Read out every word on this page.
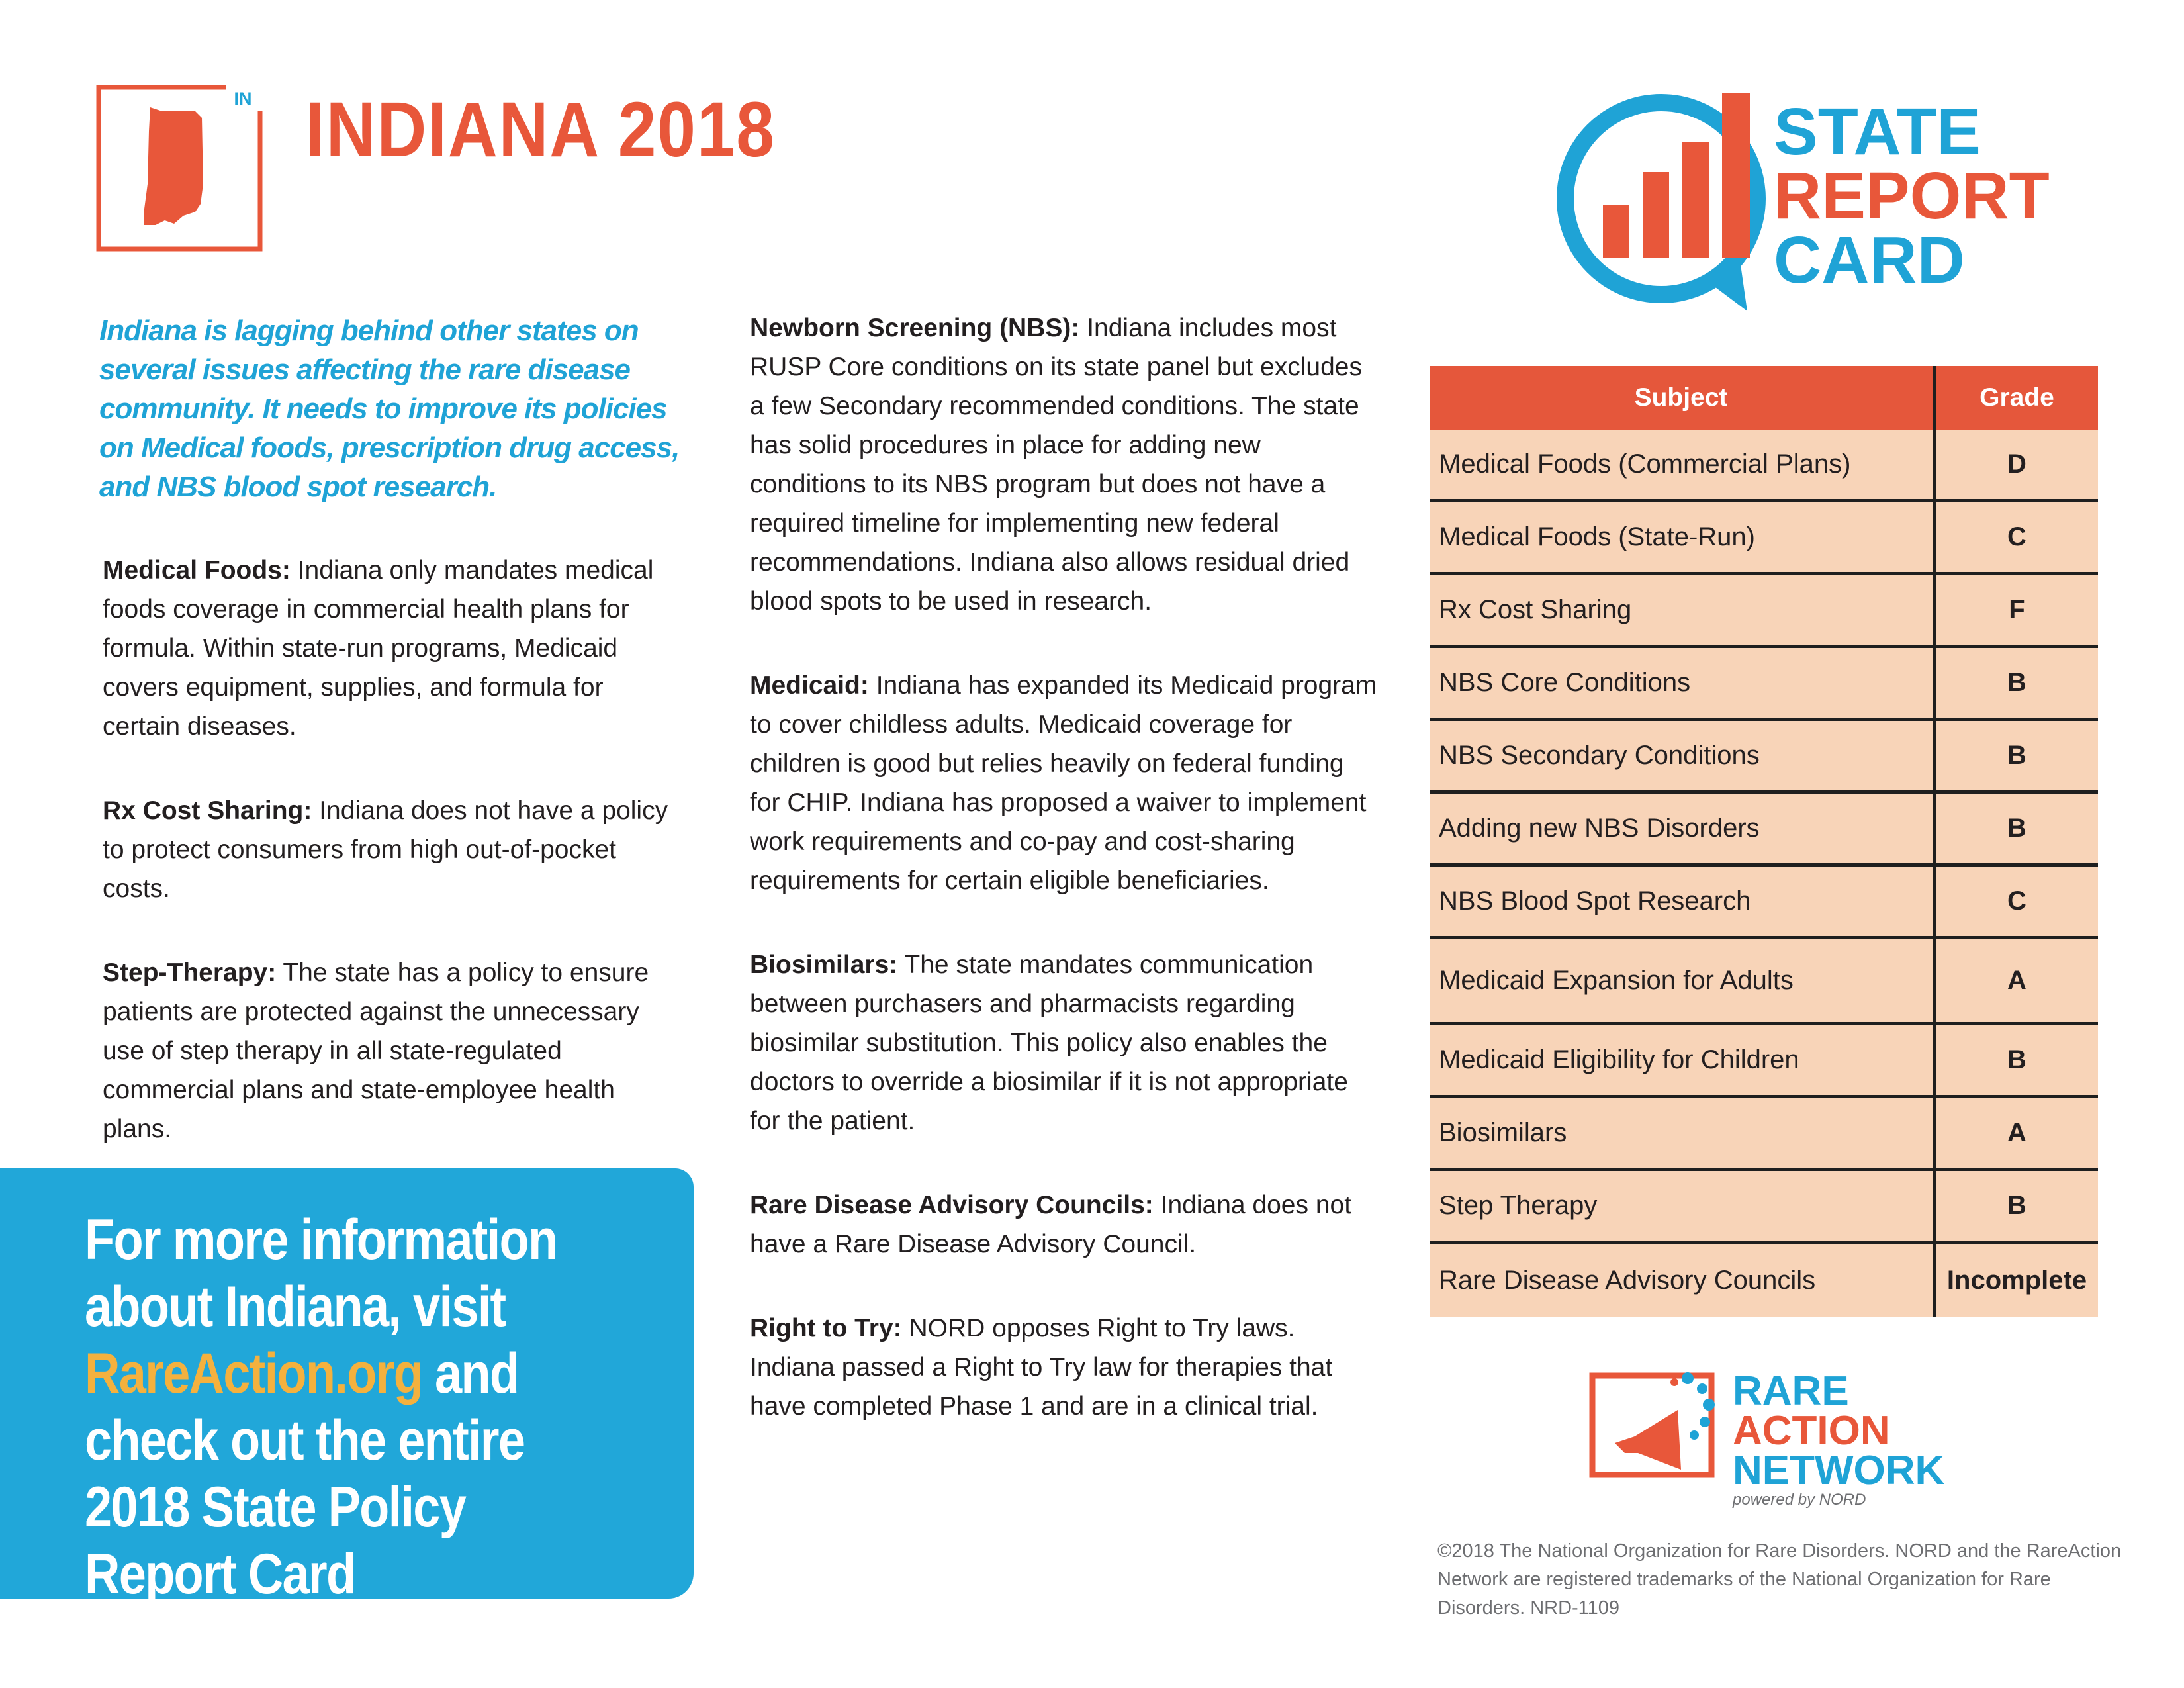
IN INDIANA 2018	STATE
REPORT
CARD
Indiana is lagging behind other states on several issues affecting the rare disease community. It needs to improve its policies on Medical foods, prescription drug access, and NBS blood spot research.

Medical Foods: Indiana only mandates medical foods coverage in commercial health plans for formula. Within state-run programs, Medicaid covers equipment, supplies, and formula for certain diseases.

Rx Cost Sharing: Indiana does not have a policy to protect consumers from high out-of-pocket costs.

Step-Therapy: The state has a policy to ensure patients are protected against the unnecessary use of step therapy in all state-regulated commercial plans and state-employee health plans.

Newborn Screening (NBS): Indiana includes most RUSP Core conditions on its state panel but excludes a few Secondary recommended conditions. The state has solid procedures in place for adding new conditions to its NBS program but does not have a required timeline for implementing new federal recommendations. Indiana also allows residual dried blood spots to be used in research.

Medicaid: Indiana has expanded its Medicaid program to cover childless adults. Medicaid coverage for children is good but relies heavily on federal funding for CHIP. Indiana has proposed a waiver to implement work requirements and co-pay and cost-sharing requirements for certain eligible beneficiaries.

Biosimilars: The state mandates communication between purchasers and pharmacists regarding biosimilar substitution. This policy also enables the doctors to override a biosimilar if it is not appropriate for the patient.

Rare Disease Advisory Councils: Indiana does not have a Rare Disease Advisory Council.

Right to Try: NORD opposes Right to Try laws. Indiana passed a Right to Try law for therapies that have completed Phase 1 and are in a clinical trial.

For more information about Indiana, visit RareAction.org and check out the entire 2018 State Policy Report Card
Subject	Grade
Medical Foods (Commercial Plans)	D
Medical Foods (State-Run)	C
Rx Cost Sharing	F
NBS Core Conditions	B
NBS Secondary Conditions	B
Adding new NBS Disorders	B
NBS Blood Spot Research	C
Medicaid Expansion for Adults	A
Medicaid Eligibility for Children	B
Biosimilars	A
Step Therapy	B
Rare Disease Advisory Councils	Incomplete
RARE
ACTION
NETWORK
powered by NORD
©2018 The National Organization for Rare Disorders. NORD and the RareAction Network are registered trademarks of the National Organization for Rare Disorders. NRD-1109
